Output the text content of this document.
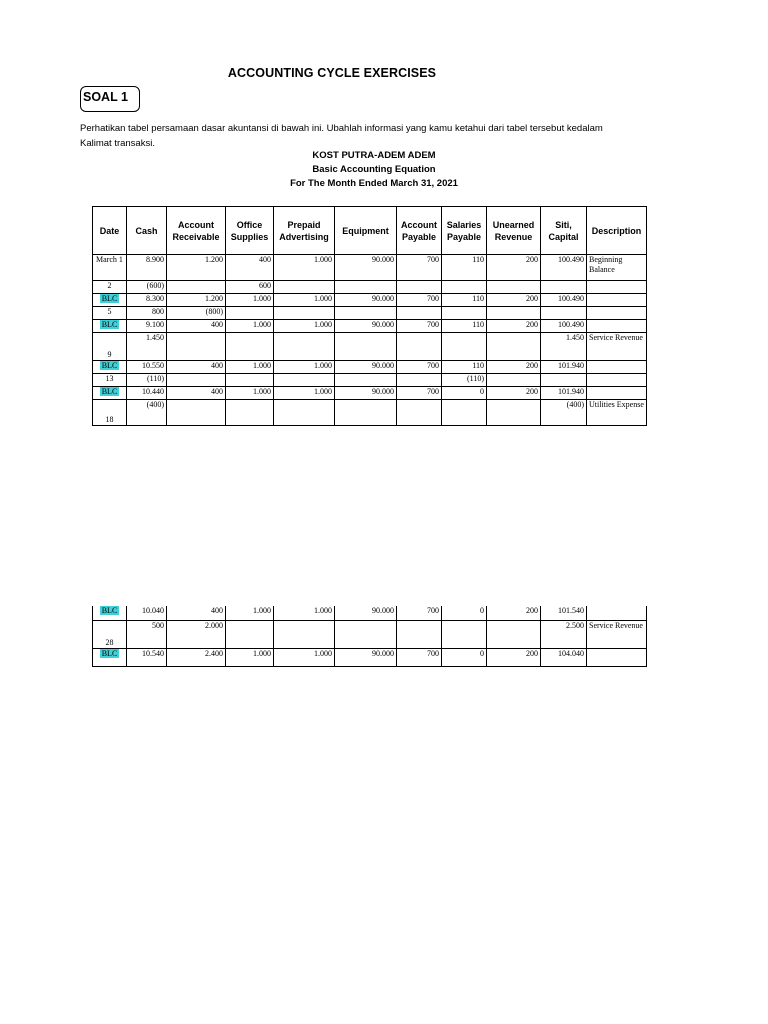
ACCOUNTING CYCLE EXERCISES
SOAL 1
Perhatikan tabel persamaan dasar akuntansi di bawah ini. Ubahlah informasi yang kamu ketahui dari tabel tersebut kedalam
Kalimat transaksi.
KOST PUTRA-ADEM ADEM
Basic Accounting Equation
For The Month Ended March 31, 2021
Date	Cash	Account
Receivable	Office
Supplies	Prepaid
Advertising	Equipment	Account
Payable	Salaries
Payable	Unearned
Revenue	Siti,
Capital	Description
March 1	8.900	1.200	400	1.000	90.000	700	110	200	100.490	Beginning Balance
2	(600)		600							
BLC	8.300	1.200	1.000	1.000	90.000	700	110	200	100.490	
5	800	(800)								
BLC	9.100	400	1.000	1.000	90.000	700	110	200	100.490	
9	1.450								1.450	Service Revenue
BLC	10.550	400	1.000	1.000	90.000	700	110	200	101.940	
13	(110)						(110)			
BLC	10.440	400	1.000	1.000	90.000	700	0	200	101.940	
18	(400)								(400)	Utilities Expense
BLC	10.040	400	1.000	1.000	90.000	700	0	200	101.540	
28	500	2.000							2.500	Service Revenue
BLC	10.540	2.400	1.000	1.000	90.000	700	0	200	104.040	
